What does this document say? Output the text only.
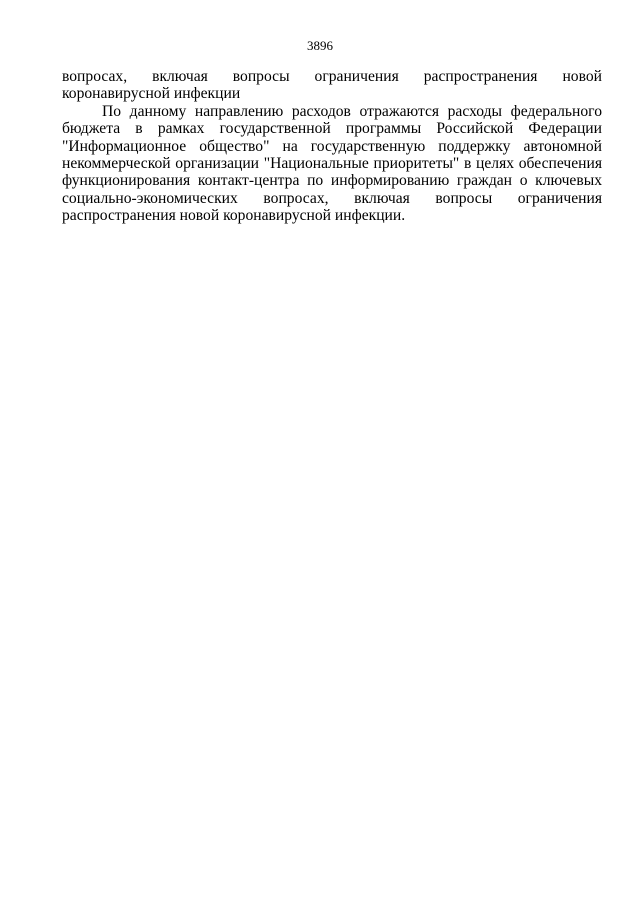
3896

вопросах, включая вопросы ограничения распространения новой коронавирусной инфекции

По данному направлению расходов отражаются расходы федерального бюджета в рамках государственной программы Российской Федерации "Информационное общество" на государственную поддержку автономной некоммерческой организации "Национальные приоритеты" в целях обеспечения функционирования контакт-центра по информированию граждан о ключевых социально-экономических вопросах, включая вопросы ограничения распространения новой коронавирусной инфекции.
